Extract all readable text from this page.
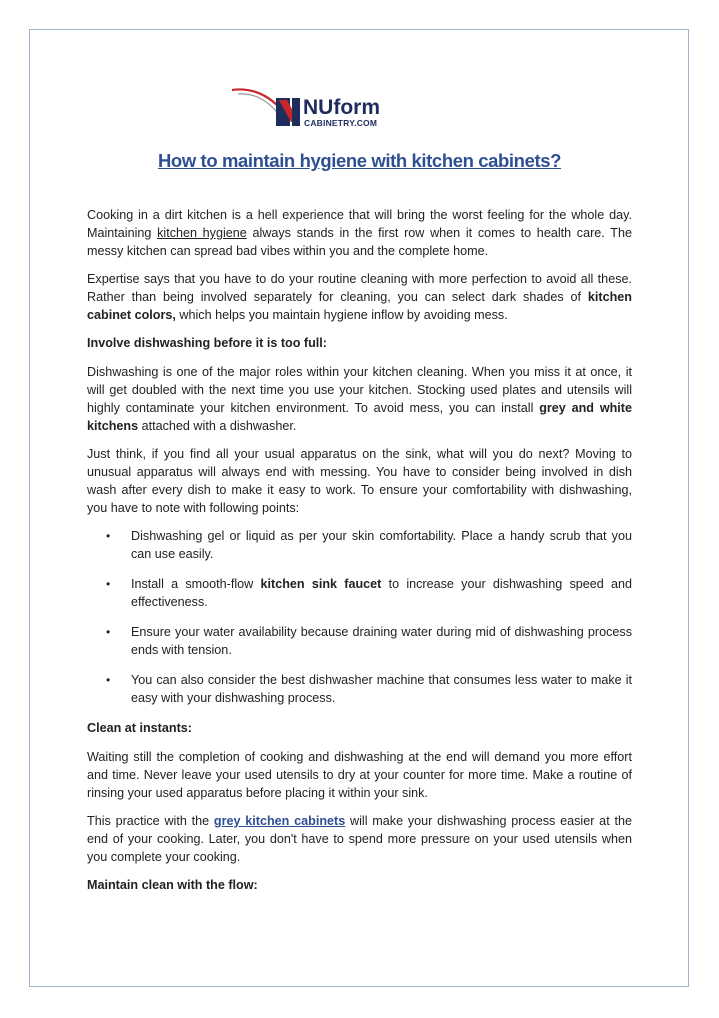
NUform
CABINETRY.COM
How to maintain hygiene with kitchen cabinets?

Cooking in a dirt kitchen is a hell experience that will bring the worst feeling for the whole day. Maintaining kitchen hygiene always stands in the first row when it comes to health care. The messy kitchen can spread bad vibes within you and the complete home.

Expertise says that you have to do your routine cleaning with more perfection to avoid all these. Rather than being involved separately for cleaning, you can select dark shades of kitchen cabinet colors, which helps you maintain hygiene inflow by avoiding mess.

Involve dishwashing before it is too full:

Dishwashing is one of the major roles within your kitchen cleaning. When you miss it at once, it will get doubled with the next time you use your kitchen. Stocking used plates and utensils will highly contaminate your kitchen environment. To avoid mess, you can install grey and white kitchens attached with a dishwasher.

Just think, if you find all your usual apparatus on the sink, what will you do next? Moving to unusual apparatus will always end with messing. You have to consider being involved in dish wash after every dish to make it easy to work. To ensure your comfortability with dishwashing, you have to note with following points:

• Dishwashing gel or liquid as per your skin comfortability. Place a handy scrub that you can use easily.
• Install a smooth-flow kitchen sink faucet to increase your dishwashing speed and effectiveness.
• Ensure your water availability because draining water during mid of dishwashing process ends with tension.
• You can also consider the best dishwasher machine that consumes less water to make it easy with your dishwashing process.

Clean at instants:

Waiting still the completion of cooking and dishwashing at the end will demand you more effort and time. Never leave your used utensils to dry at your counter for more time. Make a routine of rinsing your used apparatus before placing it within your sink.

This practice with the grey kitchen cabinets will make your dishwashing process easier at the end of your cooking. Later, you don't have to spend more pressure on your used utensils when you complete your cooking.

Maintain clean with the flow:
